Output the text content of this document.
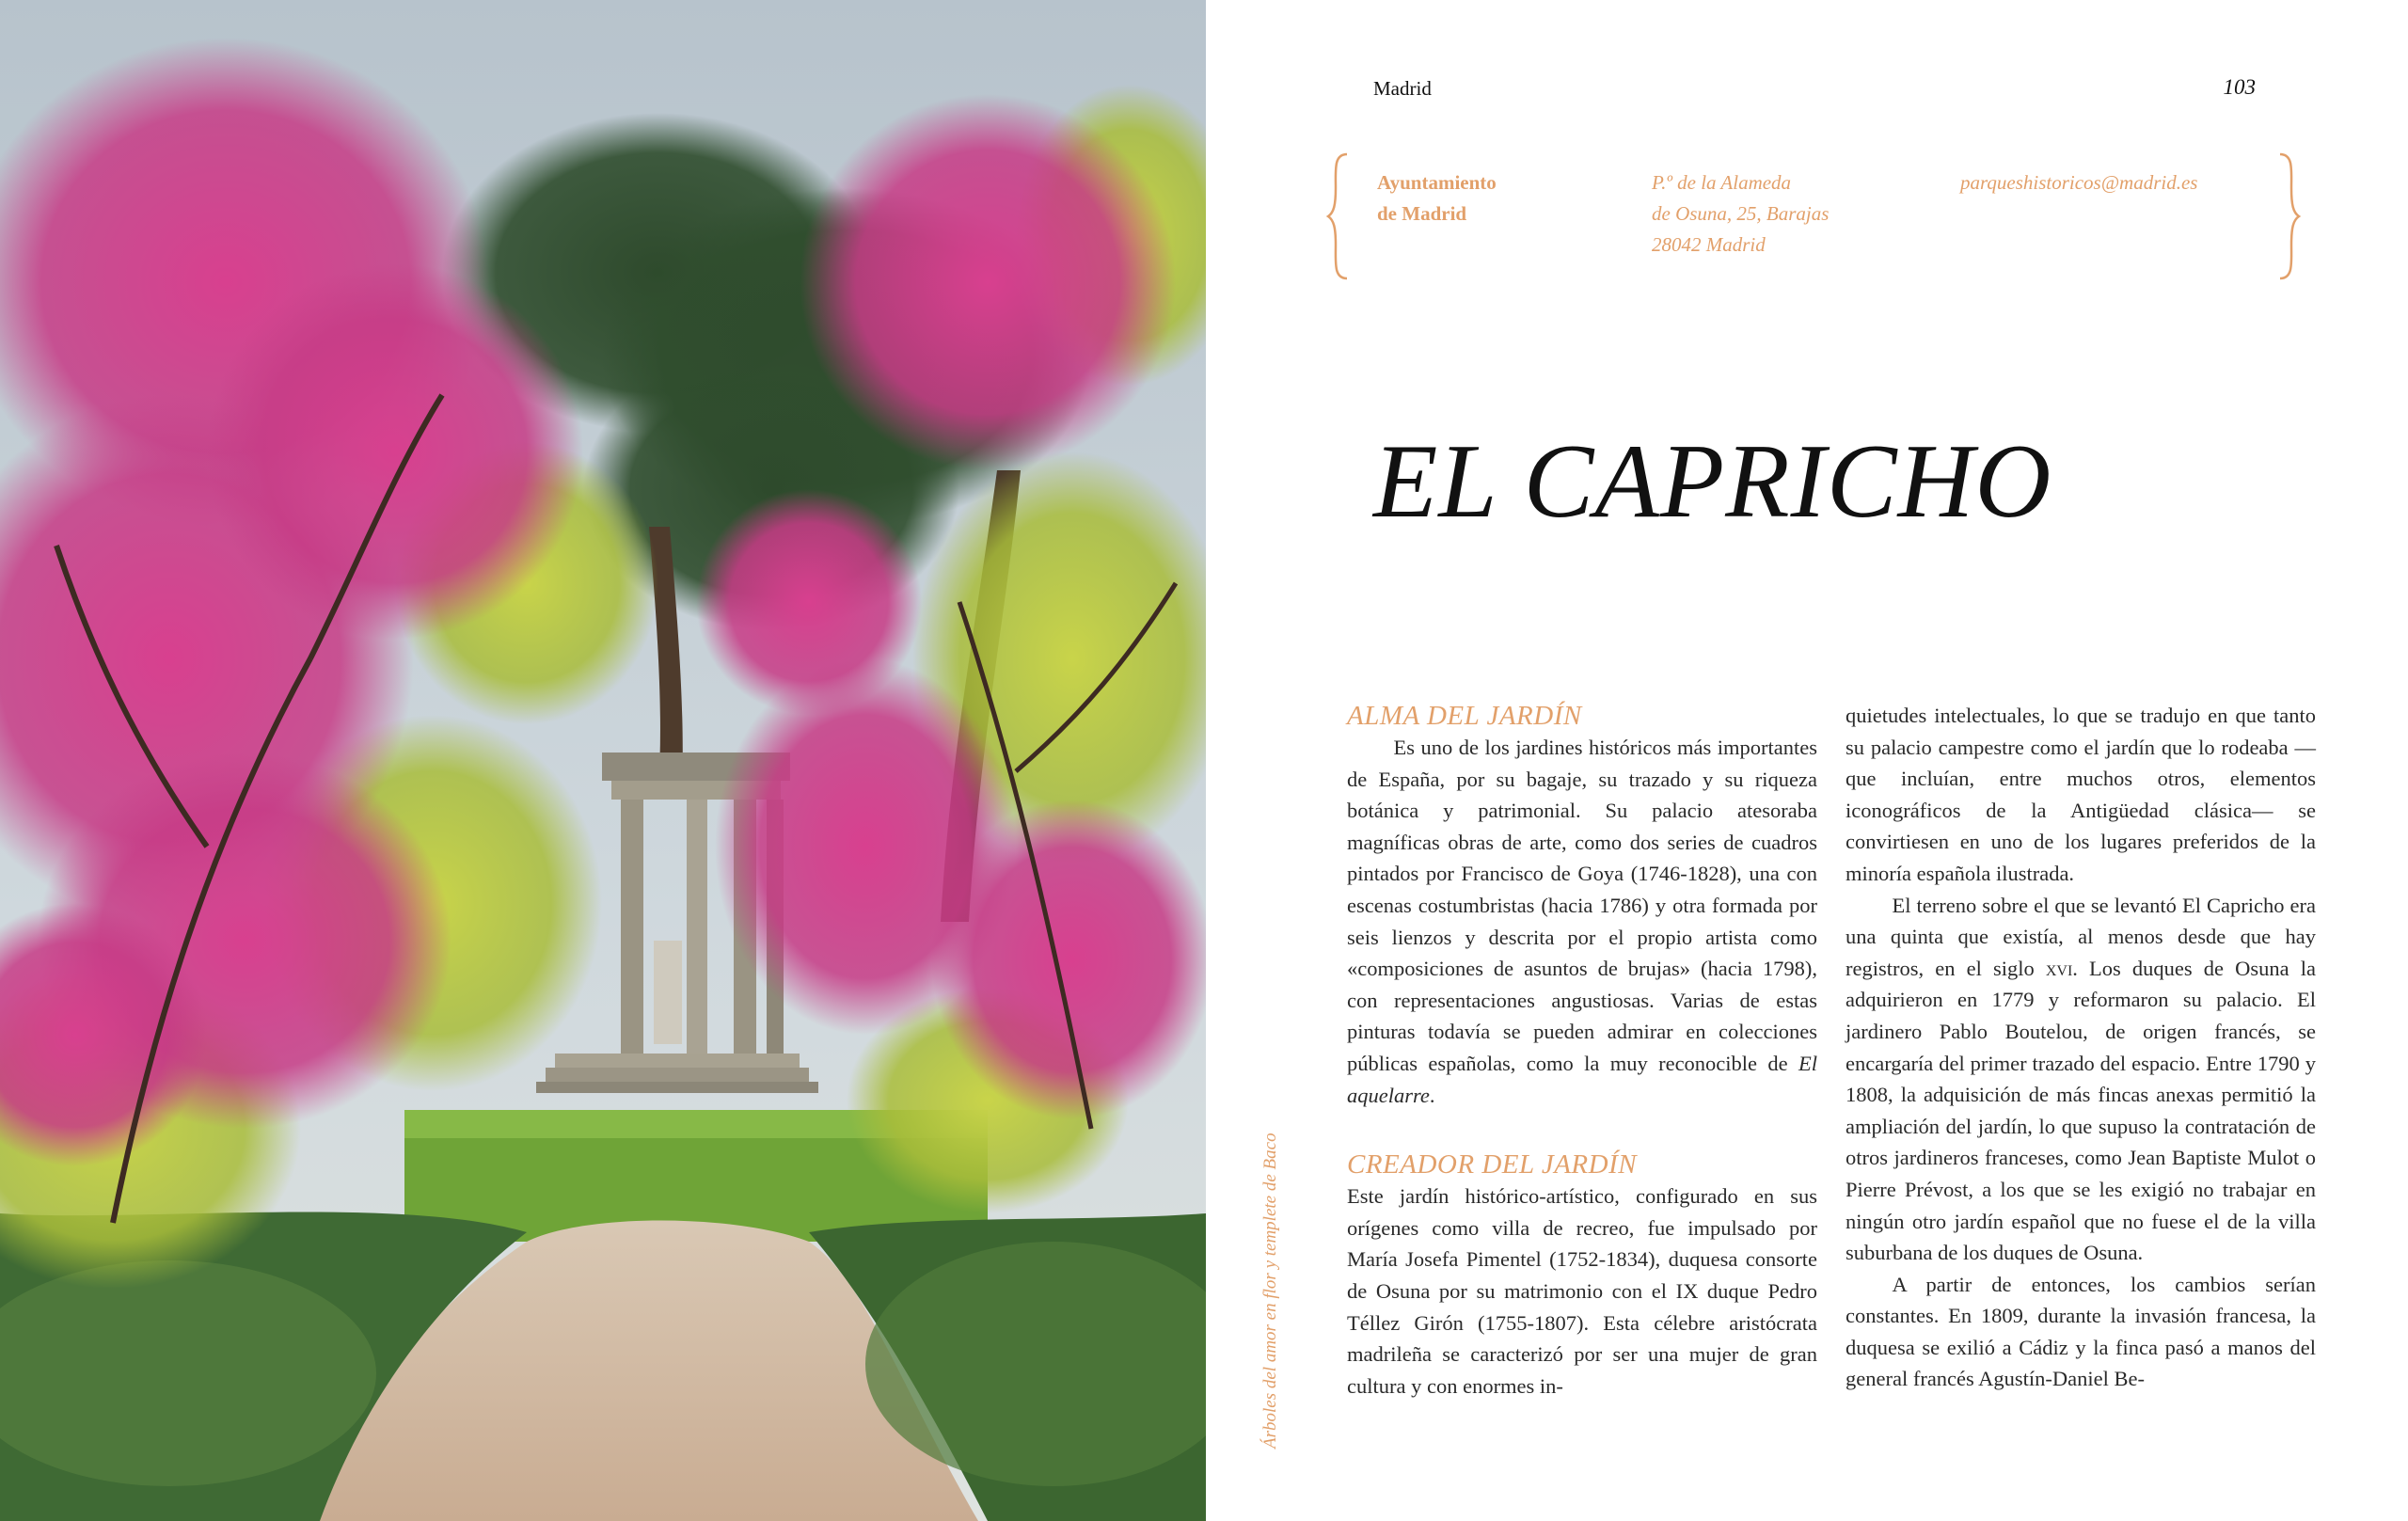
Árboles del amor en flor y templete de Baco
Madrid	103
Ayuntamiento
de Madrid
P.º de la Alameda
de Osuna, 25, Barajas
28042 Madrid
parqueshistoricos@madrid.es
EL CAPRICHO
ALMA DEL JARDÍN

Es uno de los jardines históricos más importantes de España, por su bagaje, su trazado y su riqueza botánica y patrimonial. Su palacio atesoraba magníficas obras de arte, como dos series de cuadros pintados por Francisco de Goya (1746-1828), una con escenas costumbristas (hacia 1786) y otra formada por seis lienzos y descrita por el propio artista como «composiciones de asuntos de brujas» (hacia 1798), con representaciones angustiosas. Varias de estas pinturas todavía se pueden admirar en colecciones públicas españolas, como la muy reconocible de El aquelarre.

CREADOR DEL JARDÍN

Este jardín histórico-artístico, configurado en sus orígenes como villa de recreo, fue impulsado por María Josefa Pimentel (1752-1834), duquesa consorte de Osuna por su matrimonio con el IX duque Pedro Téllez Girón (1755-1807). Esta célebre aristócrata madrileña se caracterizó por ser una mujer de gran cultura y con enormes in-

quietudes intelectuales, lo que se tradujo en que tanto su palacio campestre como el jardín que lo rodeaba —que incluían, entre muchos otros, elementos iconográficos de la Antigüedad clásica— se convirtiesen en uno de los lugares preferidos de la minoría española ilustrada.

El terreno sobre el que se levantó El Capricho era una quinta que existía, al menos desde que hay registros, en el siglo xvi. Los duques de Osuna la adquirieron en 1779 y reformaron su palacio. El jardinero Pablo Boutelou, de origen francés, se encargaría del primer trazado del espacio. Entre 1790 y 1808, la adquisición de más fincas anexas permitió la ampliación del jardín, lo que supuso la contratación de otros jardineros franceses, como Jean Baptiste Mulot o Pierre Prévost, a los que se les exigió no trabajar en ningún otro jardín español que no fuese el de la villa suburbana de los duques de Osuna.

A partir de entonces, los cambios serían constantes. En 1809, durante la invasión francesa, la duquesa se exilió a Cádiz y la finca pasó a manos del general francés Agustín-Daniel Be-
